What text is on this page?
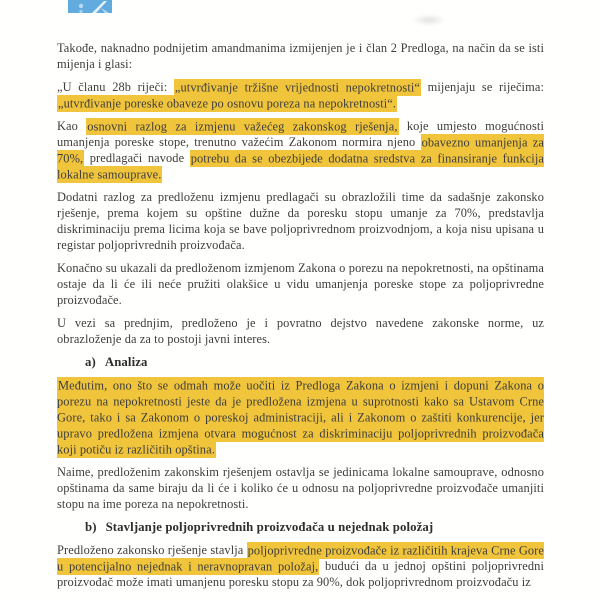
Takođe, naknadno podnijetim amandmanima izmijenjen je i član 2 Predloga, na način da se isti mijenja i glasi:

„U članu 28b riječi: „utvrđivanje tržišne vrijednosti nepokretnosti“ mijenjaju se riječima: „utvrđivanje poreske obaveze po osnovu poreza na nepokretnosti“.

Kao osnovni razlog za izmjenu važećeg zakonskog rješenja, koje umjesto mogućnosti umanjenja poreske stope, trenutno važećim Zakonom normira njeno obavezno umanjenja za 70%, predlagači navode potrebu da se obezbijede dodatna sredstva za finansiranje funkcija lokalne samouprave.

Dodatni razlog za predloženu izmjenu predlagači su obrazložili time da sadašnje zakonsko rješenje, prema kojem su opštine dužne da poresku stopu umanje za 70%, predstavlja diskriminaciju prema licima koja se bave poljoprivrednom proizvodnjom, a koja nisu upisana u registar poljoprivrednih proizvođača.

Konačno su ukazali da predloženom izmjenom Zakona o porezu na nepokretnosti, na opštinama ostaje da li će ili neće pružiti olakšice u vidu umanjenja poreske stope za poljoprivredne proizvođače.

U vezi sa prednjim, predloženo je i povratno dejstvo navedene zakonske norme, uz obrazloženje da za to postoji javni interes.

a) Analiza

Međutim, ono što se odmah može uočiti iz Predloga Zakona o izmjeni i dopuni Zakona o porezu na nepokretnosti jeste da je predložena izmjena u suprotnosti kako sa Ustavom Crne Gore, tako i sa Zakonom o poreskoj administraciji, ali i Zakonom o zaštiti konkurencije, jer upravo predložena izmjena otvara mogućnost za diskriminaciju poljoprivrednih proizvođača koji potiču iz različitih opština.

Naime, predloženim zakonskim rješenjem ostavlja se jedinicama lokalne samouprave, odnosno opštinama da same biraju da li će i koliko će u odnosu na poljoprivredne proizvođače umanjiti stopu na ime poreza na nepokretnosti.

b) Stavljanje poljoprivrednih proizvođača u nejednak položaj

Predloženo zakonsko rješenje stavlja poljoprivredne proizvođače iz različitih krajeva Crne Gore u potencijalno nejednak i neravnopravan položaj, budući da u jednoj opštini poljoprivredni proizvođač može imati umanjenu poresku stopu za 90%, dok poljoprivrednom proizvođaču iz
